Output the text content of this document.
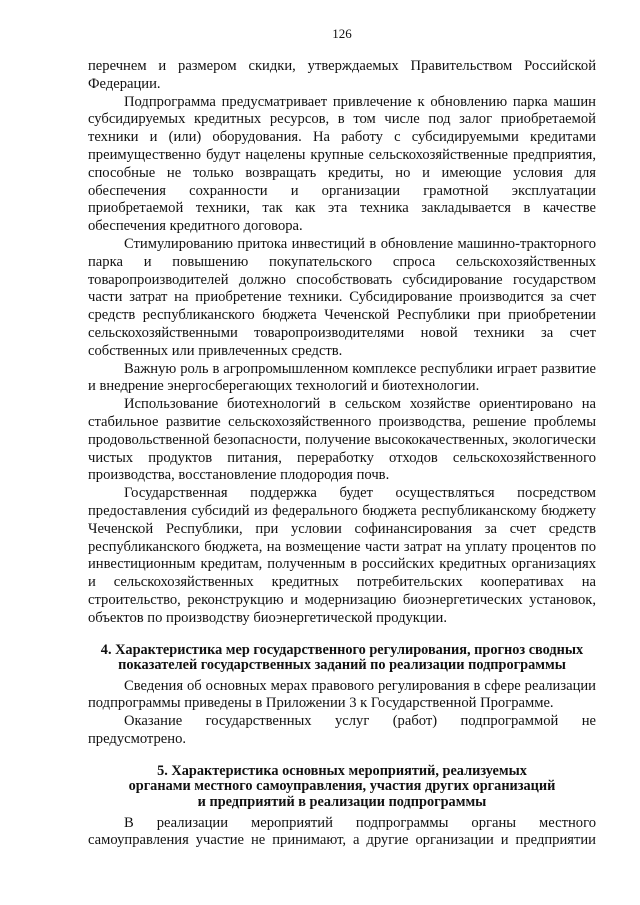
126

перечнем и размером скидки, утверждаемых Правительством Российской Федерации.

Подпрограмма предусматривает привлечение к обновлению парка машин субсидируемых кредитных ресурсов, в том числе под залог приобретаемой техники и (или) оборудования. На работу с субсидируемыми кредитами преимущественно будут нацелены крупные сельскохозяйственные предприятия, способные не только возвращать кредиты, но и имеющие условия для обеспечения сохранности и организации грамотной эксплуатации приобретаемой техники, так как эта техника закладывается в качестве обеспечения кредитного договора.

Стимулированию притока инвестиций в обновление машинно-тракторного парка и повышению покупательского спроса сельскохозяйственных товаропроизводителей должно способствовать субсидирование государством части затрат на приобретение техники. Субсидирование производится за счет средств республиканского бюджета Чеченской Республики при приобретении сельскохозяйственными товаропроизводителями новой техники за счет собственных или привлеченных средств.

Важную роль в агропромышленном комплексе республики играет развитие и внедрение энергосберегающих технологий и биотехнологии.

Использование биотехнологий в сельском хозяйстве ориентировано на стабильное развитие сельскохозяйственного производства, решение проблемы продовольственной безопасности, получение высококачественных, экологически чистых продуктов питания, переработку отходов сельскохозяйственного производства, восстановление плодородия почв.

Государственная поддержка будет осуществляться посредством предоставления субсидий из федерального бюджета республиканскому бюджету Чеченской Республики, при условии софинансирования за счет средств республиканского бюджета, на возмещение части затрат на уплату процентов по инвестиционным кредитам, полученным в российских кредитных организациях и сельскохозяйственных кредитных потребительских кооперативах на строительство, реконструкцию и модернизацию биоэнергетических установок, объектов по производству биоэнергетической продукции.

4. Характеристика мер государственного регулирования, прогноз сводных
показателей государственных заданий по реализации подпрограммы

Сведения об основных мерах правового регулирования в сфере реализации подпрограммы приведены в Приложении 3 к Государственной Программе.

Оказание государственных услуг (работ) подпрограммой не предусмотрено.

5. Характеристика основных мероприятий, реализуемых
органами местного самоуправления, участия других организаций
и предприятий в реализации подпрограммы

В реализации мероприятий подпрограммы органы местного самоуправления участие не принимают, а другие организации и предприятии
